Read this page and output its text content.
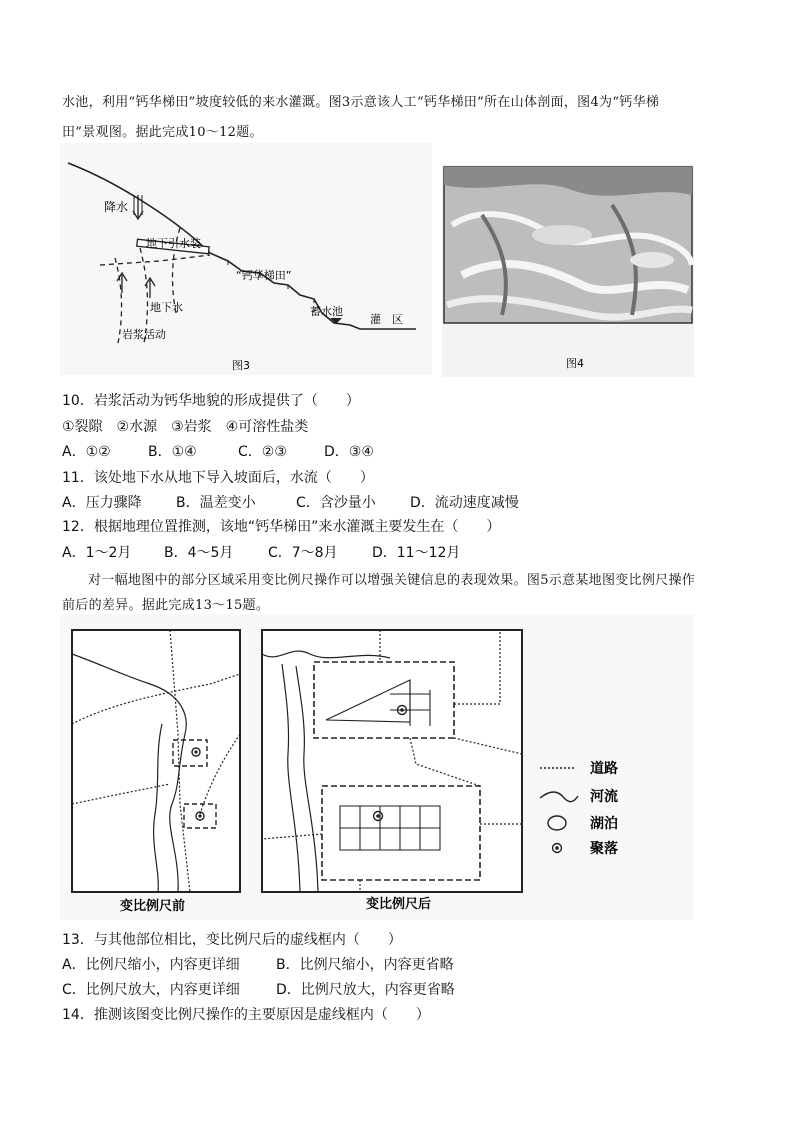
水池，利用“钙华梯田”坡度较低的来水灌溉。图3示意该人工“钙华梯田”所在山体剖面，图4为“钙华梯
田”景观图。据此完成10～12题。
降水
地下引水装
“钙华梯田”
地下水
岩浆活动
蓄水池
灌　区
图3	图4
10．岩浆活动为钙华地貌的形成提供了（　　）
①裂隙　②水源　③岩浆　④可溶性盐类
A．①②	B．①④	C．②③	D．③④
11．该处地下水从地下导入坡面后，水流（　　）
A．压力骤降 B．温差变小	C．含沙量小 D．流动速度减慢
12．根据地理位置推测，该地“钙华梯田”来水灌溉主要发生在（　　）
A．1～2月 B．4～5月 C．7～8月 D．11～12月
对一幅地图中的部分区域采用变比例尺操作可以增强关键信息的表现效果。图5示意某地图变比例尺操作
前后的差异。据此完成13～15题。
变比例尺前	变比例尺后
道路
河流
湖泊
聚落
13．与其他部位相比，变比例尺后的虚线框内（　　）
A．比例尺缩小，内容更详细	B．比例尺缩小，内容更省略
C．比例尺放大，内容更详细	D．比例尺放大，内容更省略
14．推测该图变比例尺操作的主要原因是虚线框内（　　）
